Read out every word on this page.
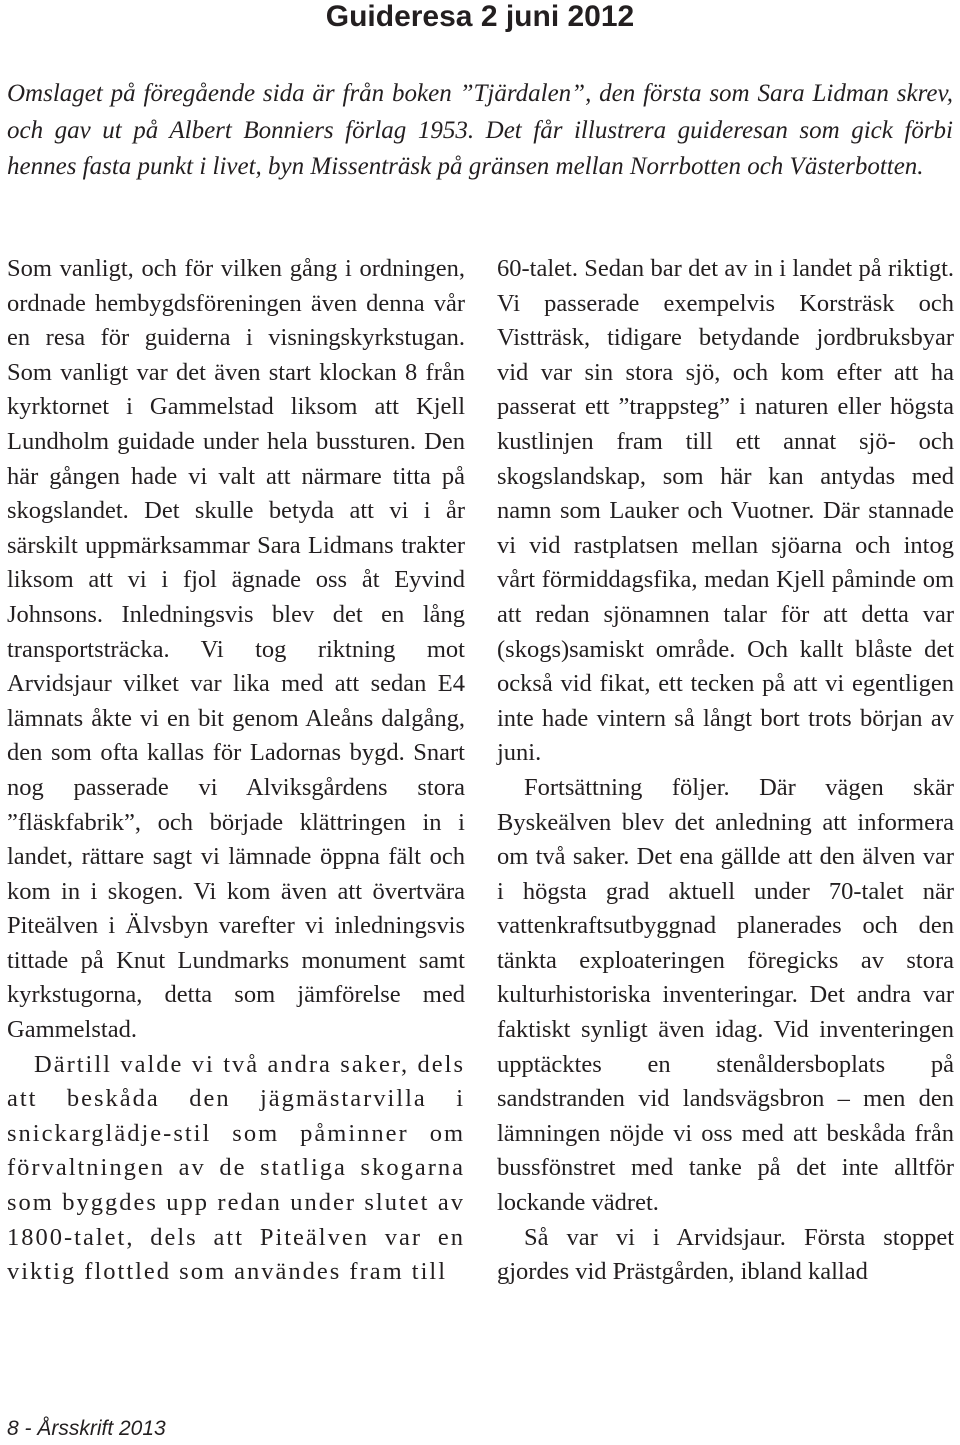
Guideresa 2 juni 2012

Omslaget på föregående sida är från boken ”Tjärdalen”, den första som Sara Lidman skrev, och gav ut på Albert Bonniers förlag 1953. Det får illustrera guideresan som gick förbi hennes fasta punkt i livet, byn Missenträsk på gränsen mellan Norrbotten och Västerbotten.

Som vanligt, och för vilken gång i ordningen, ordnade hembygdsföreningen även denna vår en resa för guiderna i visningskyrkstugan. Som vanligt var det även start klockan 8 från kyrktornet i Gammelstad liksom att Kjell Lundholm guidade under hela bussturen. Den här gången hade vi valt att närmare titta på skogslandet. Det skulle betyda att vi i år särskilt uppmärksammar Sara Lidmans trakter liksom att vi i fjol ägnade oss åt Eyvind Johnsons. Inledningsvis blev det en lång transportsträcka. Vi tog riktning mot Arvidsjaur vilket var lika med att sedan E4 lämnats åkte vi en bit genom Aleåns dalgång, den som ofta kallas för Ladornas bygd. Snart nog passerade vi Alviksgårdens stora ”fläskfabrik”, och började klättringen in i landet, rättare sagt vi lämnade öppna fält och kom in i skogen. Vi kom även att övertvära Piteälven i Älvsbyn varefter vi inledningsvis tittade på Knut Lundmarks monument samt kyrkstugorna, detta som jämförelse med Gammelstad.

Därtill valde vi två andra saker, dels att beskåda den jägmästarvilla i snickarglädje-stil som påminner om förvaltningen av de statliga skogarna som byggdes upp redan under slutet av 1800-talet, dels att Piteälven var en viktig flottled som användes fram till

60-talet. Sedan bar det av in i landet på riktigt. Vi passerade exempelvis Korsträsk och Vistträsk, tidigare betydande jordbruksbyar vid var sin stora sjö, och kom efter att ha passerat ett ”trappsteg” i naturen eller högsta kustlinjen fram till ett annat sjö- och skogslandskap, som här kan antydas med namn som Lauker och Vuotner. Där stannade vi vid rastplatsen mellan sjöarna och intog vårt förmiddagsfika, medan Kjell påminde om att redan sjönamnen talar för att detta var (skogs)samiskt område. Och kallt blåste det också vid fikat, ett tecken på att vi egentligen inte hade vintern så långt bort trots början av juni.

Fortsättning följer. Där vägen skär Byskeälven blev det anledning att informera om två saker. Det ena gällde att den älven var i högsta grad aktuell under 70-talet när vattenkraftsutbyggnad planerades och den tänkta exploateringen föregicks av stora kulturhistoriska inventeringar. Det andra var faktiskt synligt även idag. Vid inventeringen upptäcktes en stenåldersboplats på sandstranden vid landsvägsbron – men den lämningen nöjde vi oss med att beskåda från bussfönstret med tanke på det inte alltför lockande vädret.

Så var vi i Arvidsjaur. Första stoppet gjordes vid Prästgården, ibland kallad

8 - Årsskrift 2013
